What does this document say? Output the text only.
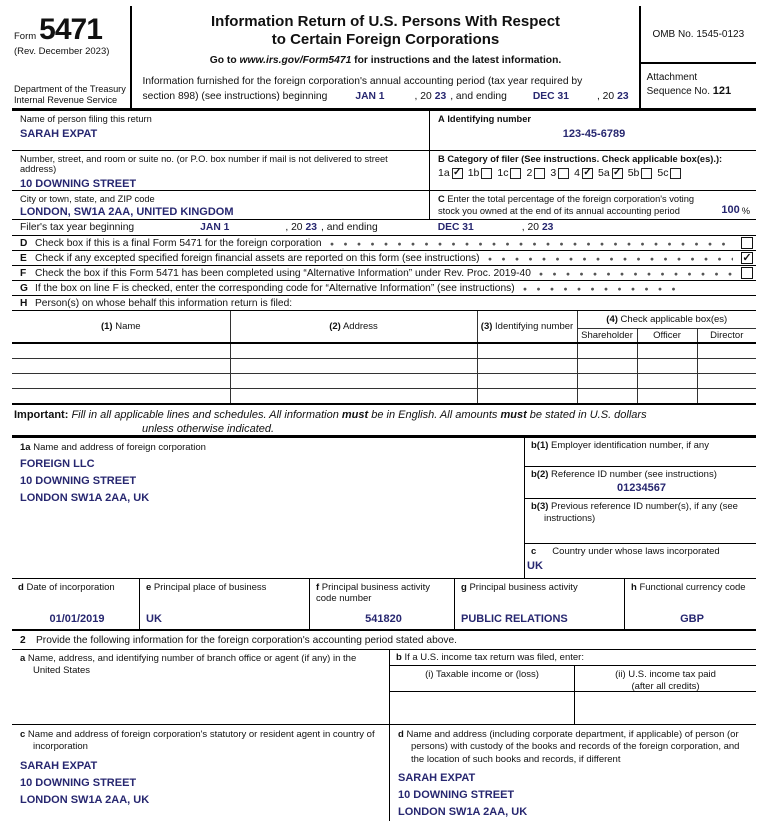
Form 5471
(Rev. December 2023)
Department of the Treasury
Internal Revenue Service
Information Return of U.S. Persons With Respect
to Certain Foreign Corporations
Go to www.irs.gov/Form5471 for instructions and the latest information.
Information furnished for the foreign corporation's annual accounting period (tax year required by
section 898) (see instructions) beginning	JAN 1	, 20 23 , and ending	DEC 31	, 20 23
OMB No. 1545-0123
Attachment
Sequence No. 121
Name of person filing this return
SARAH EXPAT
A Identifying number
123-45-6789
Number, street, and room or suite no. (or P.O. box number if mail is not delivered to street address)
10 DOWNING STREET
B Category of filer (See instructions. Check applicable box(es).):
1a ✓ 1b 1c 2 3 4 ✓ 5a ✓ 5b 5c
City or town, state, and ZIP code
LONDON, SW1A 2AA, UNITED KINGDOM
C Enter the total percentage of the foreign corporation's voting
stock you owned at the end of its annual accounting period	100 %
Filer's tax year beginning	JAN 1	, 20 23 , and ending	DEC 31	, 20 23
D Check box if this is a final Form 5471 for the foreign corporation
E Check if any excepted specified foreign financial assets are reported on this form (see instructions)
✓
F Check the box if this Form 5471 has been completed using “Alternative Information” under Rev. Proc. 2019-40
G If the box on line F is checked, enter the corresponding code for “Alternative Information” (see instructions)
H Person(s) on whose behalf this information return is filed:
(1) Name	(2) Address	(3) Identifying number	(4) Check applicable box(es)		
			Shareholder	Officer	Director

Important: Fill in all applicable lines and schedules. All information must be in English. All amounts must be stated in U.S. dollars
unless otherwise indicated.
1a Name and address of foreign corporation
FOREIGN LLC
10 DOWNING STREET
LONDON SW1A 2AA, UK
b(1) Employer identification number, if any
b(2) Reference ID number (see instructions)
01234567
b(3) Previous reference ID number(s), if any (see instructions)
c Country under whose laws incorporated
UK
d Date of incorporation
01/01/2019
e Principal place of business
UK
f Principal business activity code number
541820
g Principal business activity
PUBLIC RELATIONS
h Functional currency code
GBP
2	Provide the following information for the foreign corporation's accounting period stated above.
a Name, address, and identifying number of branch office or agent (if any) in the United States
b If a U.S. income tax return was filed, enter:
(i) Taxable income or (loss)	(ii) U.S. income tax paid
(after all credits)
c Name and address of foreign corporation's statutory or resident agent in country of incorporation
SARAH EXPAT
10 DOWNING STREET
LONDON SW1A 2AA, UK
d Name and address (including corporate department, if applicable) of person (or persons) with custody of the books and records of the foreign corporation, and the location of such books and records, if different
SARAH EXPAT
10 DOWNING STREET
LONDON SW1A 2AA, UK
